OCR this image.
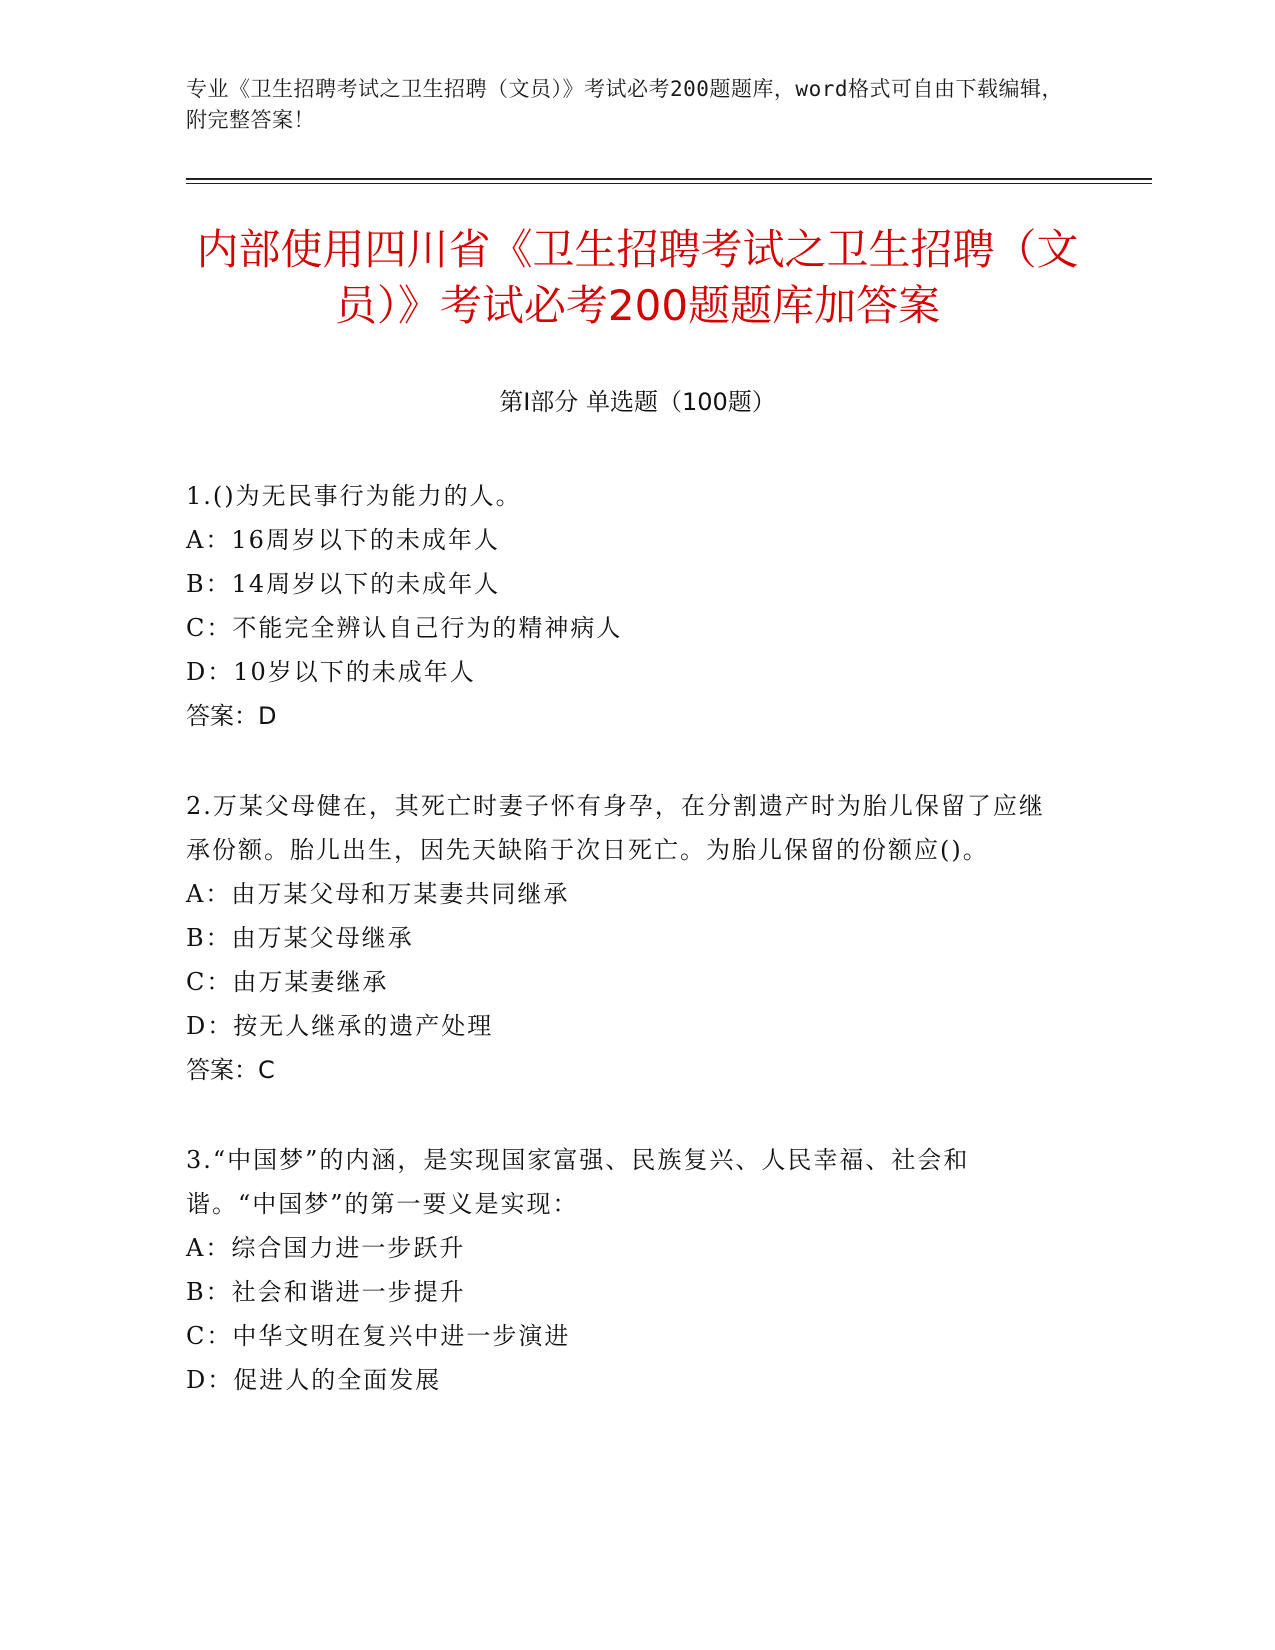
专业《卫生招聘考试之卫生招聘（文员）》考试必考200题题库，word格式可自由下载编辑，附完整答案！
内部使用四川省《卫生招聘考试之卫生招聘（文员）》考试必考200题题库加答案
第Ⅰ部分 单选题（100题）
1.()为无民事行为能力的人。
A：16周岁以下的未成年人
B：14周岁以下的未成年人
C：不能完全辨认自己行为的精神病人
D：10岁以下的未成年人
答案：D
2.万某父母健在，其死亡时妻子怀有身孕，在分割遗产时为胎儿保留了应继承份额。胎儿出生，因先天缺陷于次日死亡。为胎儿保留的份额应()。
A：由万某父母和万某妻共同继承
B：由万某父母继承
C：由万某妻继承
D：按无人继承的遗产处理
答案：C
3.“中国梦”的内涵，是实现国家富强、民族复兴、人民幸福、社会和谐。“中国梦”的第一要义是实现：
A：综合国力进一步跃升
B：社会和谐进一步提升
C：中华文明在复兴中进一步演进
D：促进人的全面发展
